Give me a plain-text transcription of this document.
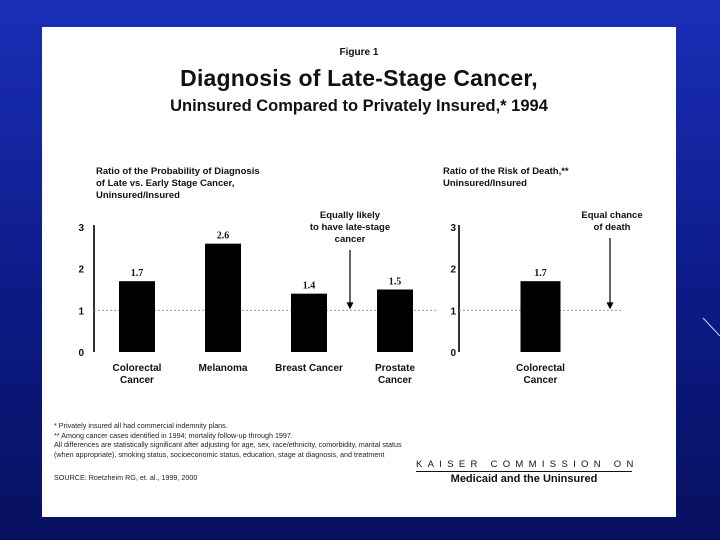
Figure 1
Diagnosis of Late-Stage Cancer,
Uninsured Compared to Privately Insured,* 1994
Ratio of the Probability of Diagnosis
of Late vs. Early Stage Cancer,
Uninsured/Insured
Ratio of the Risk of Death,**
Uninsured/Insured
0
1
2
3
1.7
Colorectal
Cancer
2.6
Melanoma
1.4
Breast Cancer
1.5
Prostate
Cancer
Equally likely
to have late-stage
cancer
0
1
2
3
1.7
Colorectal
Cancer
Equal chance
of death
* Privately insured all had commercial indemnity plans.
** Among cancer cases identified in 1994; mortality follow-up through 1997.
All differences are statistically significant after adjusting for age, sex, race/ethnicity, comorbidity, marital status
(when appropriate), smoking status, socioeconomic status, education, stage at diagnosis, and treatment
SOURCE: Roetzheim RG, et. al., 1999, 2000
KAISER COMMISSION ON
Medicaid and the Uninsured
